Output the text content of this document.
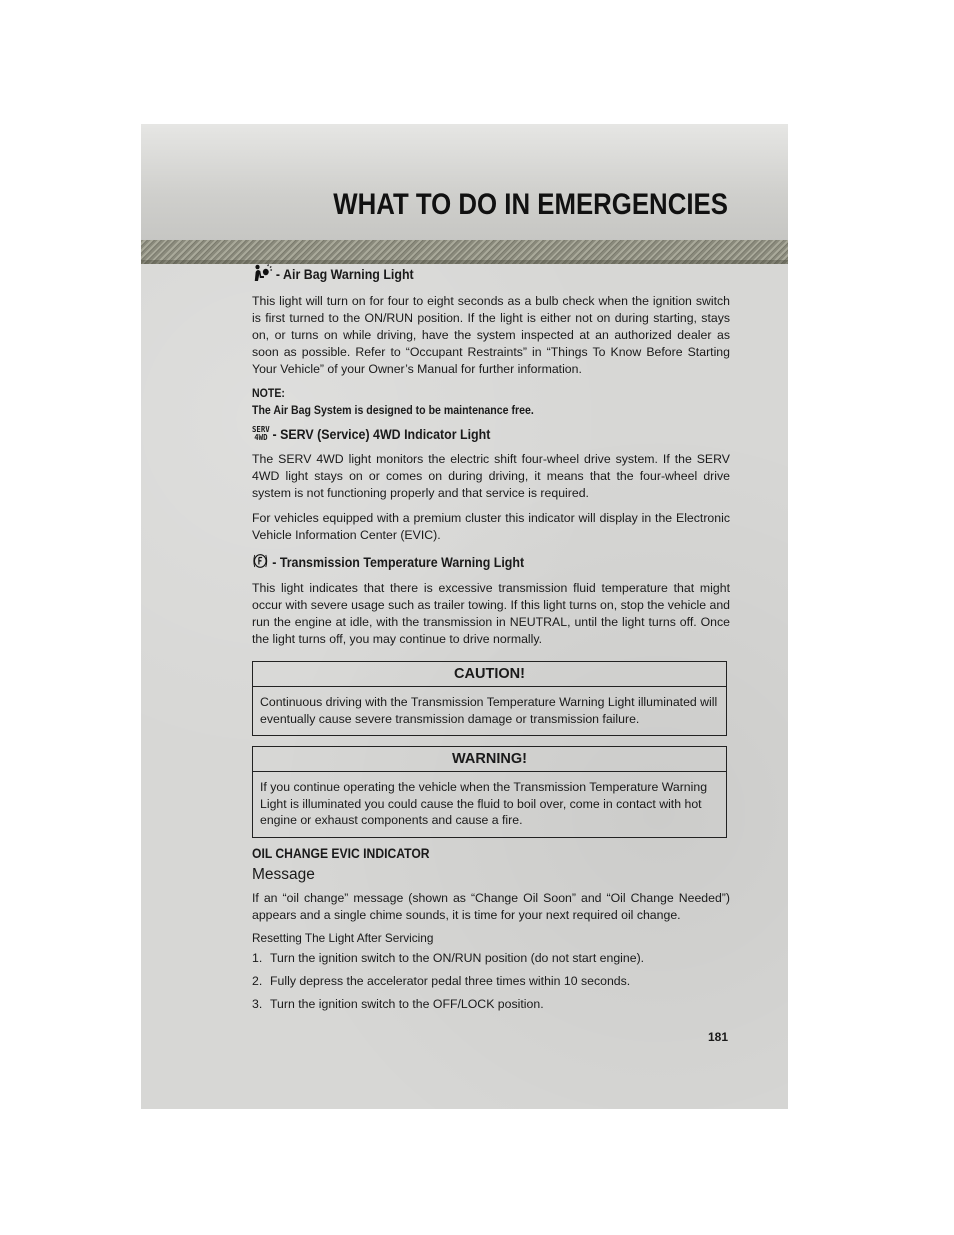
WHAT TO DO IN EMERGENCIES
- Air Bag Warning Light

This light will turn on for four to eight seconds as a bulb check when the ignition switch is first turned to the ON/RUN position. If the light is either not on during starting, stays on, or turns on while driving, have the system inspected at an authorized dealer as soon as possible. Refer to “Occupant Restraints” in “Things To Know Before Starting Your Vehicle” of your Owner’s Manual for further information.

NOTE:
The Air Bag System is designed to be maintenance free.
SERV
4WD - SERV (Service) 4WD Indicator Light

The SERV 4WD light monitors the electric shift four-wheel drive system. If the SERV 4WD light stays on or comes on during driving, it means that the four-wheel drive system is not functioning properly and that service is required.

For vehicles equipped with a premium cluster this indicator will display in the Electronic Vehicle Information Center (EVIC).

- Transmission Temperature Warning Light

This light indicates that there is excessive transmission fluid temperature that might occur with severe usage such as trailer towing. If this light turns on, stop the vehicle and run the engine at idle, with the transmission in NEUTRAL, until the light turns off. Once the light turns off, you may continue to drive normally.

CAUTION!
Continuous driving with the Transmission Temperature Warning Light illuminated will eventually cause severe transmission damage or transmission failure.
WARNING!
If you continue operating the vehicle when the Transmission Temperature Warning Light is illuminated you could cause the fluid to boil over, come in contact with hot engine or exhaust components and cause a fire.
OIL CHANGE EVIC INDICATOR
Message

If an “oil change” message (shown as “Change Oil Soon” and “Oil Change Needed”) appears and a single chime sounds, it is time for your next required oil change.

Resetting The Light After Servicing
1. Turn the ignition switch to the ON/RUN position (do not start engine).
2. Fully depress the accelerator pedal three times within 10 seconds.
3. Turn the ignition switch to the OFF/LOCK position.
181
